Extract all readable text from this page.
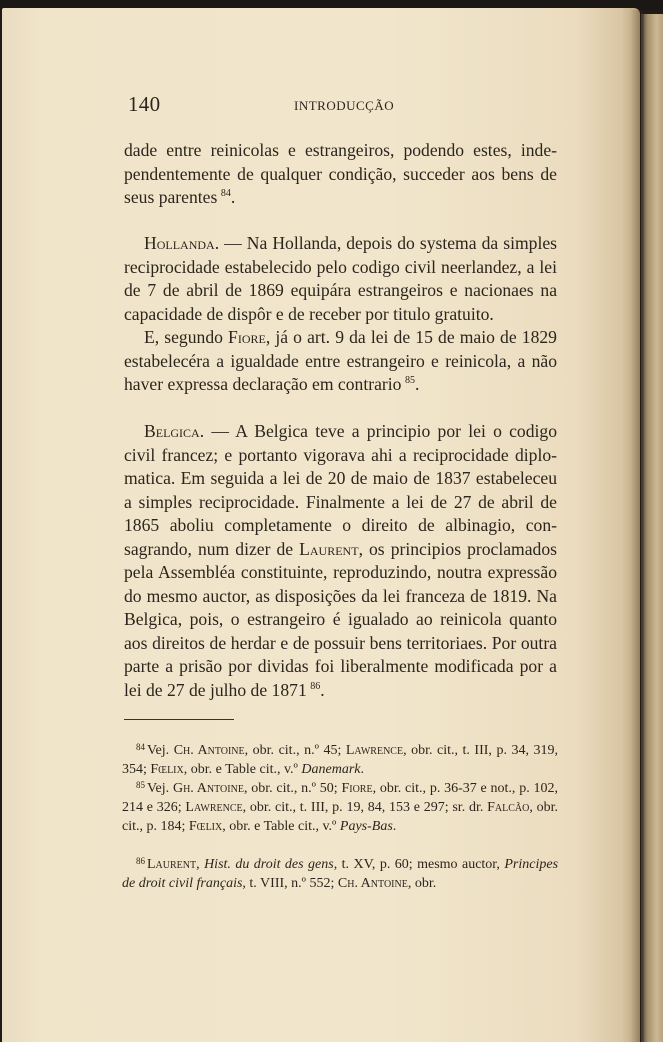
140	INTRODUCÇÃO

dade entre reinicolas e estrangeiros, podendo estes, independentemente de qualquer condição, succeder aos bens de seus parentes  $^{84}$.

Hollanda. — Na Hollanda, depois do systema da simples reciprocidade estabelecido pelo codigo civil neerlandez, a lei de 7 de abril de 1869 equipára estrangeiros e nacionaes na capacidade de dispôr e de receber por titulo gratuito.

E, segundo Fiore, já o art. 9 da lei de 15 de maio de 1829 estabelecéra a igualdade entre estrangeiro e reinicola, a não haver expressa declaração em contrario  $^{85}$.

Belgica. — A Belgica teve a principio por lei o codigo civil francez; e portanto vigorava ahi a reciprocidade diplomatica. Em seguida a lei de 20 de maio de 1837 estabeleceu a simples reciprocidade. Finalmente a lei de 27 de abril de 1865 aboliu completamente o direito de albinagio, consagrando, num dizer de Laurent, os principios proclamados pela Assembléa constituinte, reproduzindo, noutra expressão do mesmo auctor, as disposições da lei franceza de 1819. Na Belgica, pois, o estrangeiro é igualado ao reinicola quanto aos direitos de herdar e de possuir bens territoriaes. Por outra parte a prisão por dividas foi liberalmente modificada por a lei de 27 de julho de 1871  $^{86}$.

$^{84}$ Vej. Ch. Antoine, obr. cit., n.º 45; Lawrence, obr. cit., t. III, p. 34, 319, 354; Fœlix, obr. e Table cit., v.º Danemark.

$^{85}$ Vej. Gh. Antoine, obr. cit., n.º 50; Fiore, obr. cit., p. 36-37 e not., p. 102, 214 e 326; Lawrence, obr. cit., t. III, p. 19, 84, 153 e 297; sr. dr. Falcão, obr. cit., p. 184; Fœlix, obr. e Table cit., v.º Pays-Bas.

$^{86}$ Laurent, Hist. du droit des gens, t. XV, p. 60; mesmo auctor, Principes de droit civil français, t. VIII, n.º 552; Ch. Antoine, obr.
